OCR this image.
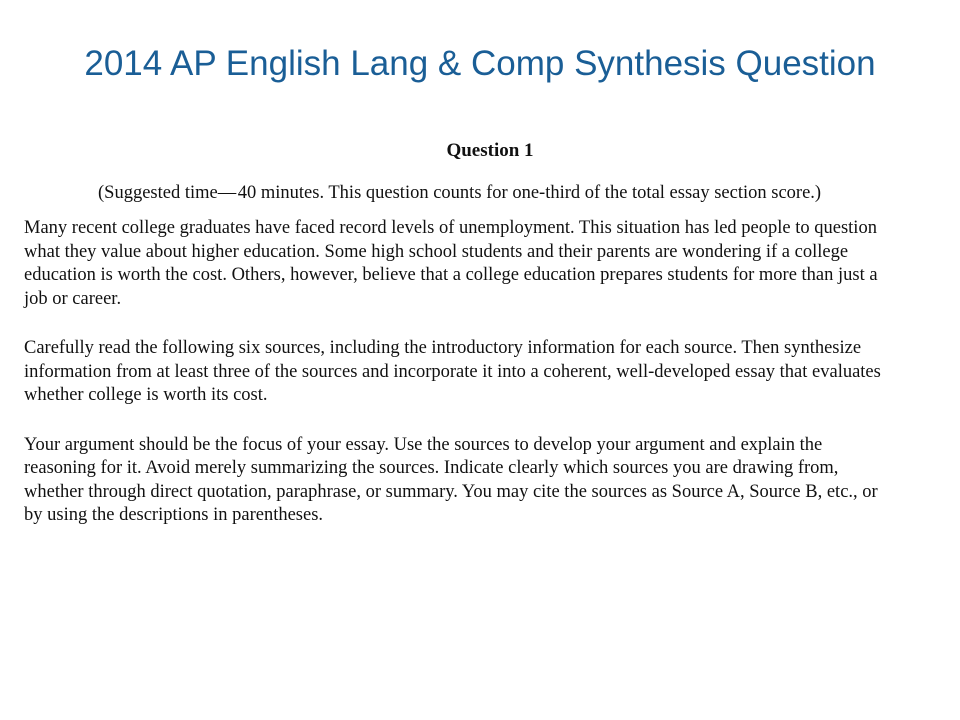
2014 AP English Lang & Comp Synthesis Question
Question 1
(Suggested time— 40 minutes. This question counts for one-third of the total essay section score.)
Many recent college graduates have faced record levels of unemployment. This situation has led people to question
what they value about higher education. Some high school students and their parents are wondering if a college
education is worth the cost. Others, however, believe that a college education prepares students for more than just a
job or career.
Carefully read the following six sources, including the introductory information for each source. Then synthesize
information from at least three of the sources and incorporate it into a coherent, well-developed essay that evaluates
whether college is worth its cost.
Your argument should be the focus of your essay. Use the sources to develop your argument and explain the
reasoning for it. Avoid merely summarizing the sources. Indicate clearly which sources you are drawing from,
whether through direct quotation, paraphrase, or summary. You may cite the sources as Source A, Source B, etc., or
by using the descriptions in parentheses.
